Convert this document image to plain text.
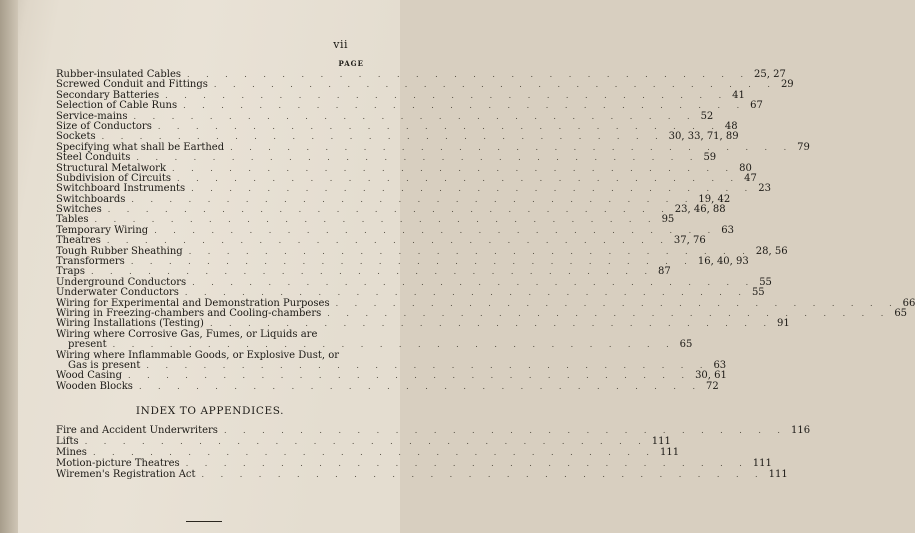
vii
PAGE
Rubber-insulated Cables . . . . . . . . . . . . . . . . . . . . . . . . . . . . . . 25, 27
Screwed Conduit and Fittings . . . . . . . . . . . . . . . . . . . . . . . . . . . . . . 29
Secondary Batteries . . . . . . . . . . . . . . . . . . . . . . . . . . . . . . 41
Selection of Cable Runs . . . . . . . . . . . . . . . . . . . . . . . . . . . . . . 67
Service-mains . . . . . . . . . . . . . . . . . . . . . . . . . . . . . . 52
Size of Conductors . . . . . . . . . . . . . . . . . . . . . . . . . . . . . . 48
Sockets . . . . . . . . . . . . . . . . . . . . . . . . . . . . . . 30, 33, 71, 89
Specifying what shall be Earthed . . . . . . . . . . . . . . . . . . . . . . . . . . . . . . 79
Steel Conduits . . . . . . . . . . . . . . . . . . . . . . . . . . . . . . 59
Structural Metalwork . . . . . . . . . . . . . . . . . . . . . . . . . . . . . . 80
Subdivision of Circuits . . . . . . . . . . . . . . . . . . . . . . . . . . . . . . 47
Switchboard Instruments . . . . . . . . . . . . . . . . . . . . . . . . . . . . . . 23
Switchboards . . . . . . . . . . . . . . . . . . . . . . . . . . . . . . 19, 42
Switches . . . . . . . . . . . . . . . . . . . . . . . . . . . . . . 23, 46, 88
Tables . . . . . . . . . . . . . . . . . . . . . . . . . . . . . . 95
Temporary Wiring . . . . . . . . . . . . . . . . . . . . . . . . . . . . . . 63
Theatres . . . . . . . . . . . . . . . . . . . . . . . . . . . . . . 37, 76
Tough Rubber Sheathing . . . . . . . . . . . . . . . . . . . . . . . . . . . . . . 28, 56
Transformers . . . . . . . . . . . . . . . . . . . . . . . . . . . . . . 16, 40, 93
Traps . . . . . . . . . . . . . . . . . . . . . . . . . . . . . . 87
Underground Conductors . . . . . . . . . . . . . . . . . . . . . . . . . . . . . . 55
Underwater Conductors . . . . . . . . . . . . . . . . . . . . . . . . . . . . . . 55
Wiring for Experimental and Demonstration Purposes . . . . . . . . . . . . . . . . . . . . . . . . . . . . . . 66
Wiring in Freezing-chambers and Cooling-chambers . . . . . . . . . . . . . . . . . . . . . . . . . . . . . . 65
Wiring Installations (Testing) . . . . . . . . . . . . . . . . . . . . . . . . . . . . . . 91
Wiring where Corrosive Gas, Fumes, or Liquids are
present . . . . . . . . . . . . . . . . . . . . . . . . . . . . . . 65
Wiring where Inflammable Goods, or Explosive Dust, or
Gas is present . . . . . . . . . . . . . . . . . . . . . . . . . . . . . . 63
Wood Casing . . . . . . . . . . . . . . . . . . . . . . . . . . . . . . 30, 61
Wooden Blocks . . . . . . . . . . . . . . . . . . . . . . . . . . . . . . 72
INDEX TO APPENDICES.
Fire and Accident Underwriters . . . . . . . . . . . . . . . . . . . . . . . . . . . . . . 116
Lifts . . . . . . . . . . . . . . . . . . . . . . . . . . . . . . 111
Mines . . . . . . . . . . . . . . . . . . . . . . . . . . . . . . 111
Motion-picture Theatres . . . . . . . . . . . . . . . . . . . . . . . . . . . . . . 111
Wiremen's Registration Act . . . . . . . . . . . . . . . . . . . . . . . . . . . . . . 111
